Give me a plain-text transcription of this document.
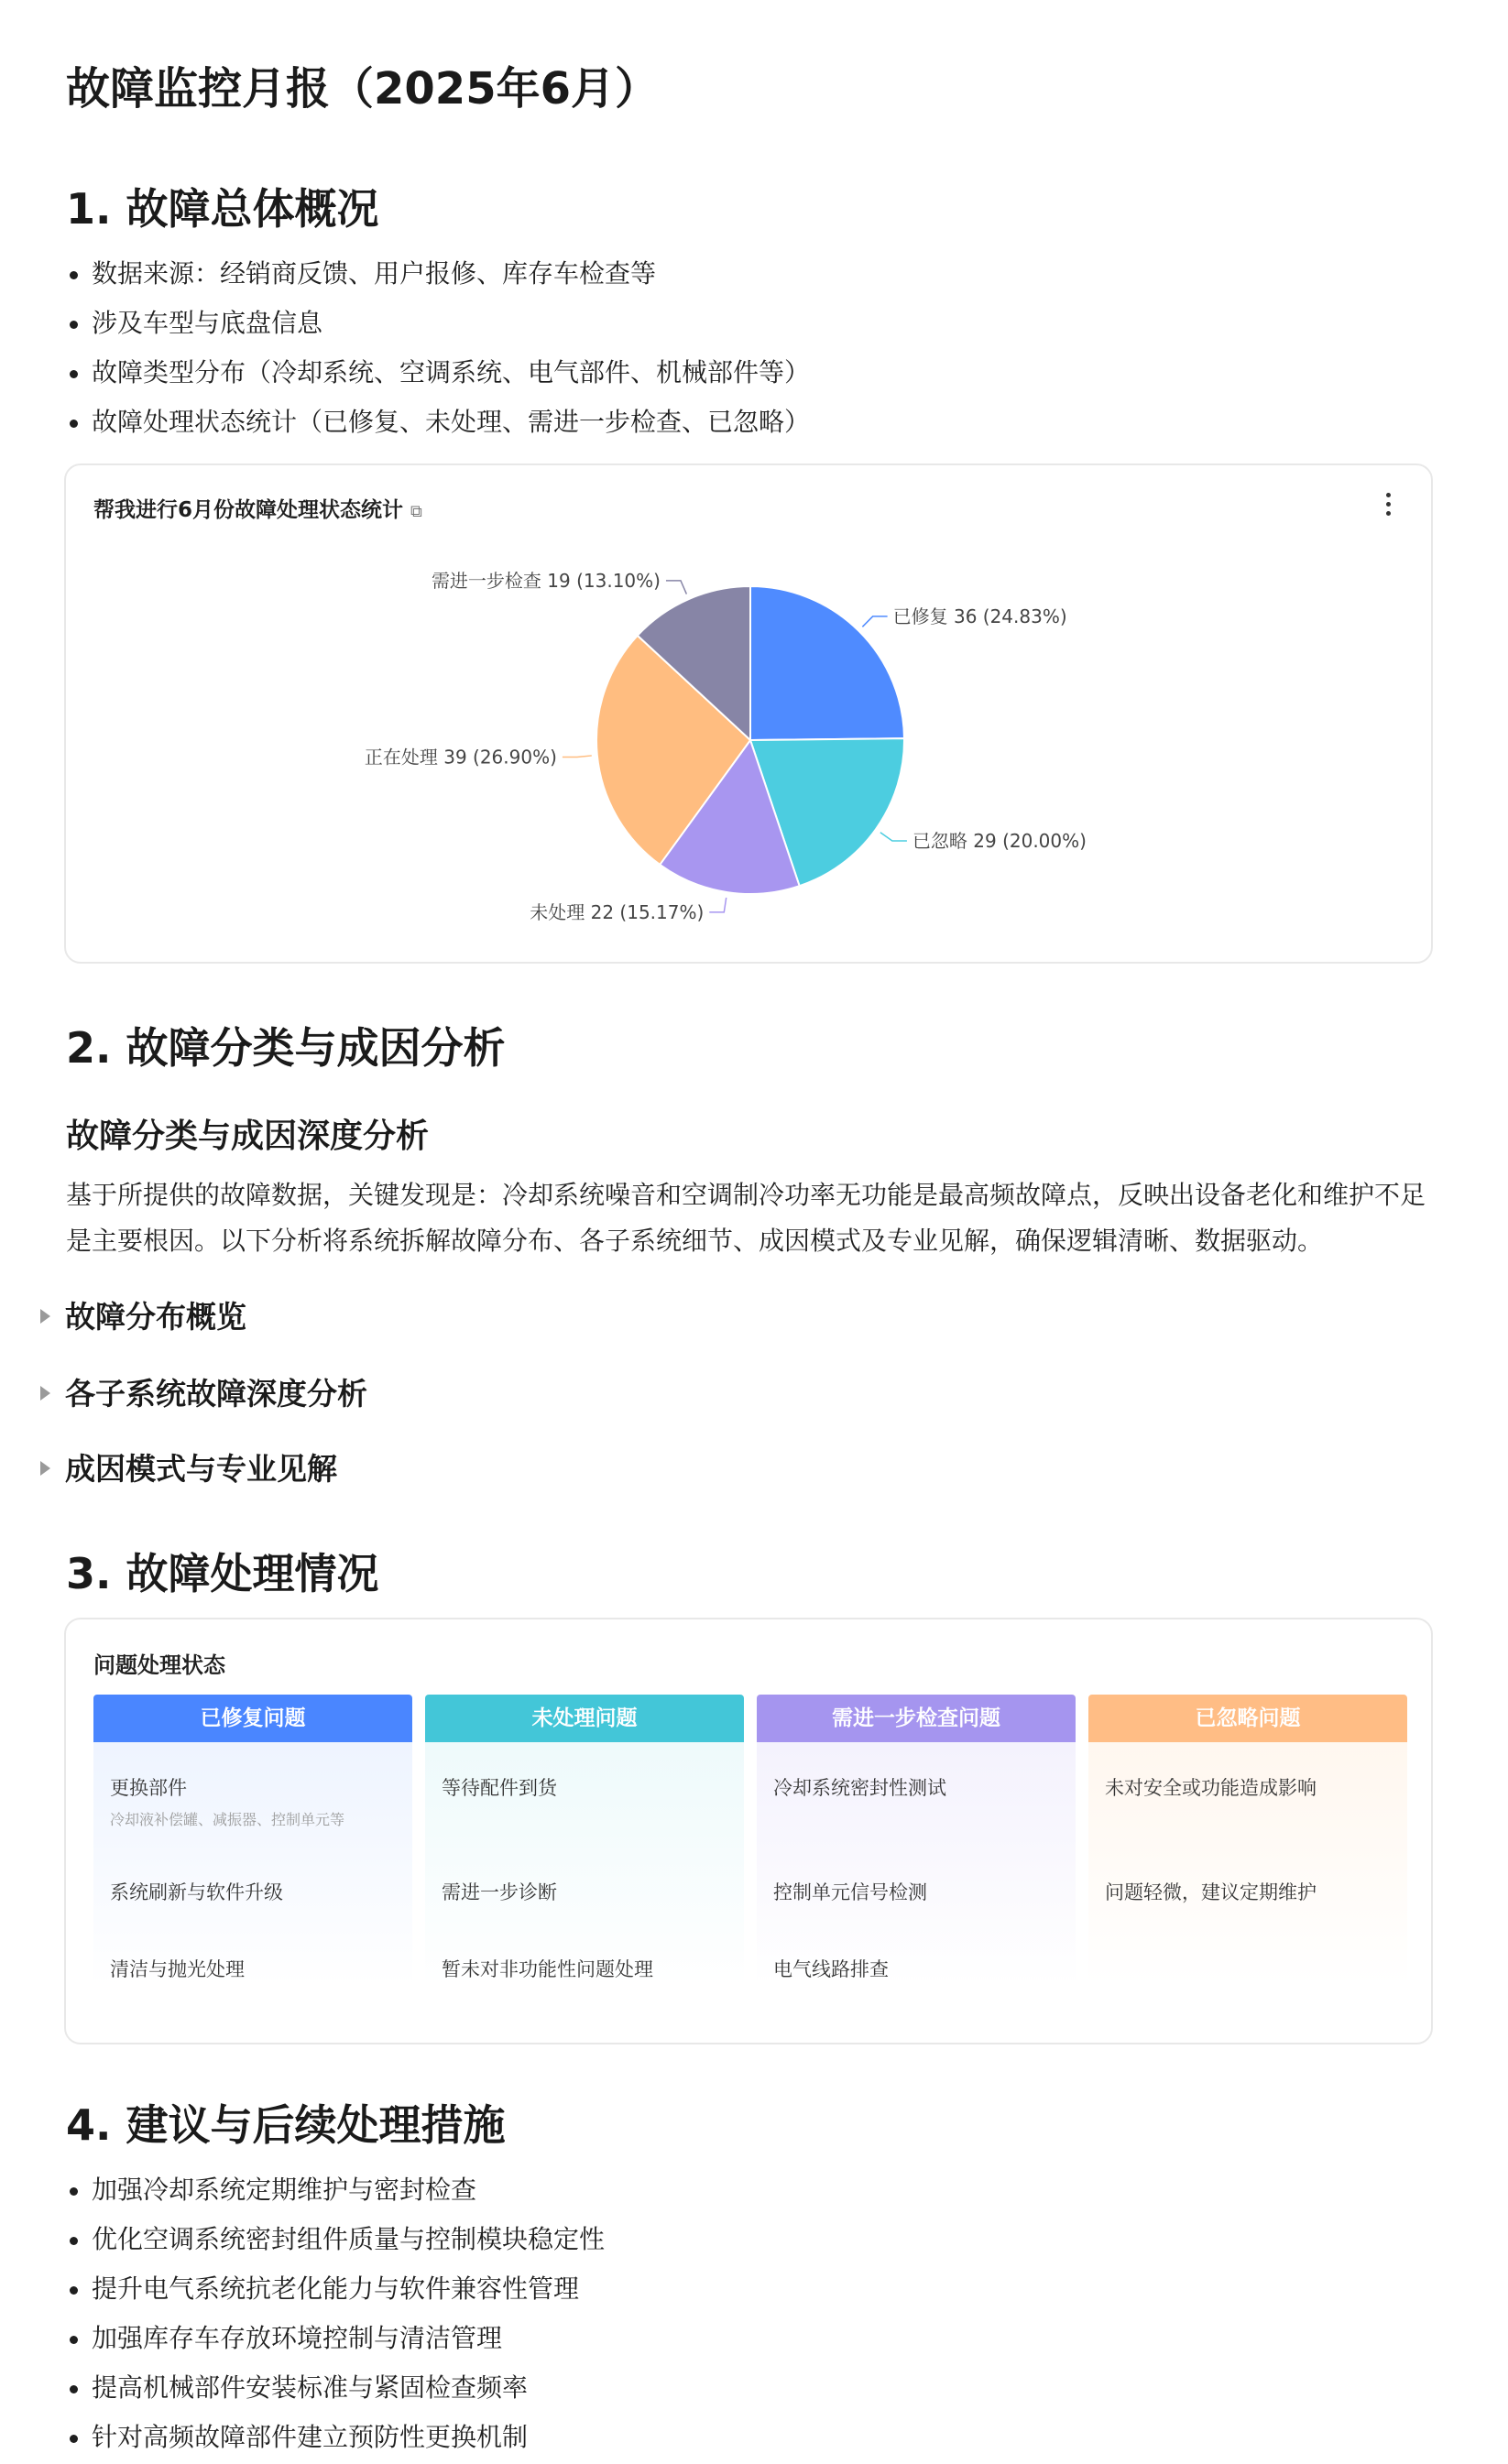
故障监控月报（2025年6月）
1. 故障总体概况
数据来源：经销商反馈、用户报修、库存车检查等
涉及车型与底盘信息
故障类型分布（冷却系统、空调系统、电气部件、机械部件等）
故障处理状态统计（已修复、未处理、需进一步检查、已忽略）
帮我进行6月份故障处理状态统计 ⧉
已修复 36 (24.83%)
已忽略 29 (20.00%)
未处理 22 (15.17%)
正在处理 39 (26.90%)
需进一步检查 19 (13.10%)
2. 故障分类与成因分析
故障分类与成因深度分析
基于所提供的故障数据，关键发现是：冷却系统噪音和空调制冷功率无功能是最高频故障点，反映出设备老化和维护不足是主要根因。以下分析将系统拆解故障分布、各子系统细节、成因模式及专业见解，确保逻辑清晰、数据驱动。
故障分布概览
各子系统故障深度分析
成因模式与专业见解
3. 故障处理情况
问题处理状态
已修复问题
更换部件
冷却液补偿罐、减振器、控制单元等
系统刷新与软件升级
清洁与抛光处理
未处理问题
等待配件到货
需进一步诊断
暂未对非功能性问题处理
需进一步检查问题
冷却系统密封性测试
控制单元信号检测
电气线路排查
已忽略问题
未对安全或功能造成影响
问题轻微，建议定期维护
4. 建议与后续处理措施
加强冷却系统定期维护与密封检查
优化空调系统密封组件质量与控制模块稳定性
提升电气系统抗老化能力与软件兼容性管理
加强库存车存放环境控制与清洁管理
提高机械部件安装标准与紧固检查频率
针对高频故障部件建立预防性更换机制
